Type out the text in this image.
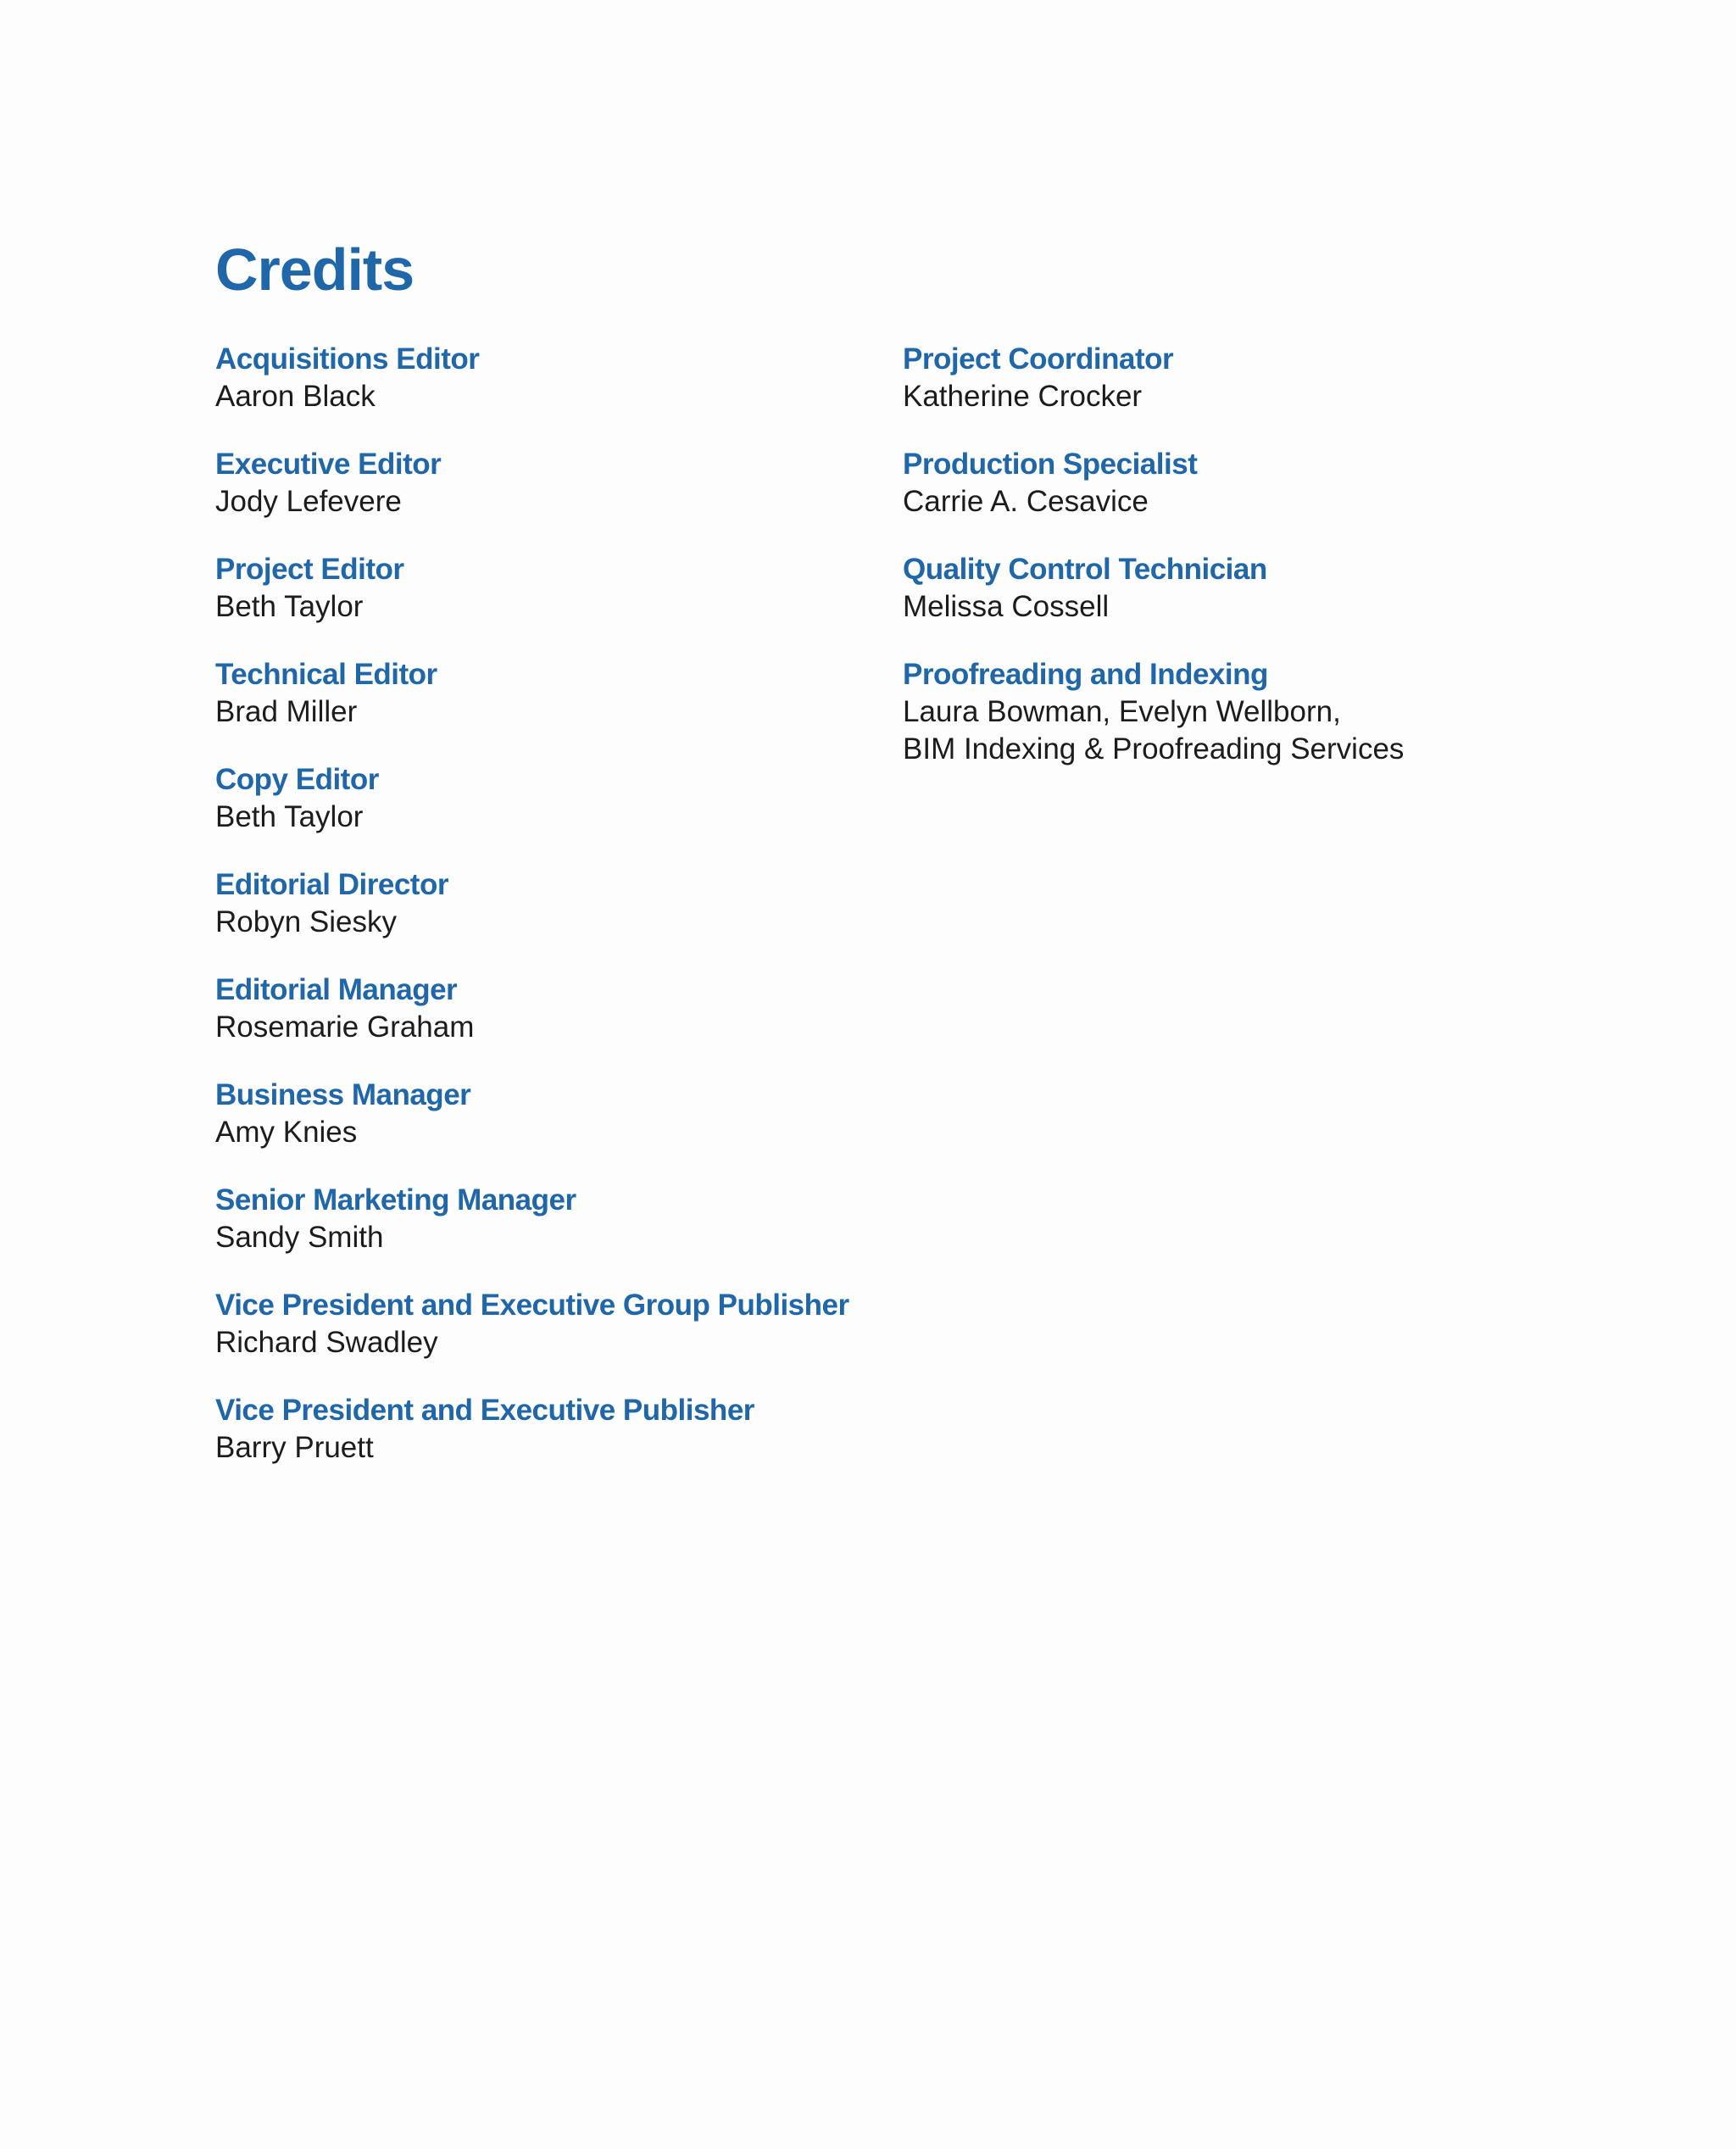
Credits
Acquisitions Editor
Aaron Black
Executive Editor
Jody Lefevere
Project Editor
Beth Taylor
Technical Editor
Brad Miller
Copy Editor
Beth Taylor
Editorial Director
Robyn Siesky
Editorial Manager
Rosemarie Graham
Business Manager
Amy Knies
Senior Marketing Manager
Sandy Smith
Vice President and Executive Group Publisher
Richard Swadley
Vice President and Executive Publisher
Barry Pruett
Project Coordinator
Katherine Crocker
Production Specialist
Carrie A. Cesavice
Quality Control Technician
Melissa Cossell
Proofreading and Indexing
Laura Bowman, Evelyn Wellborn,
BIM Indexing & Proofreading Services
